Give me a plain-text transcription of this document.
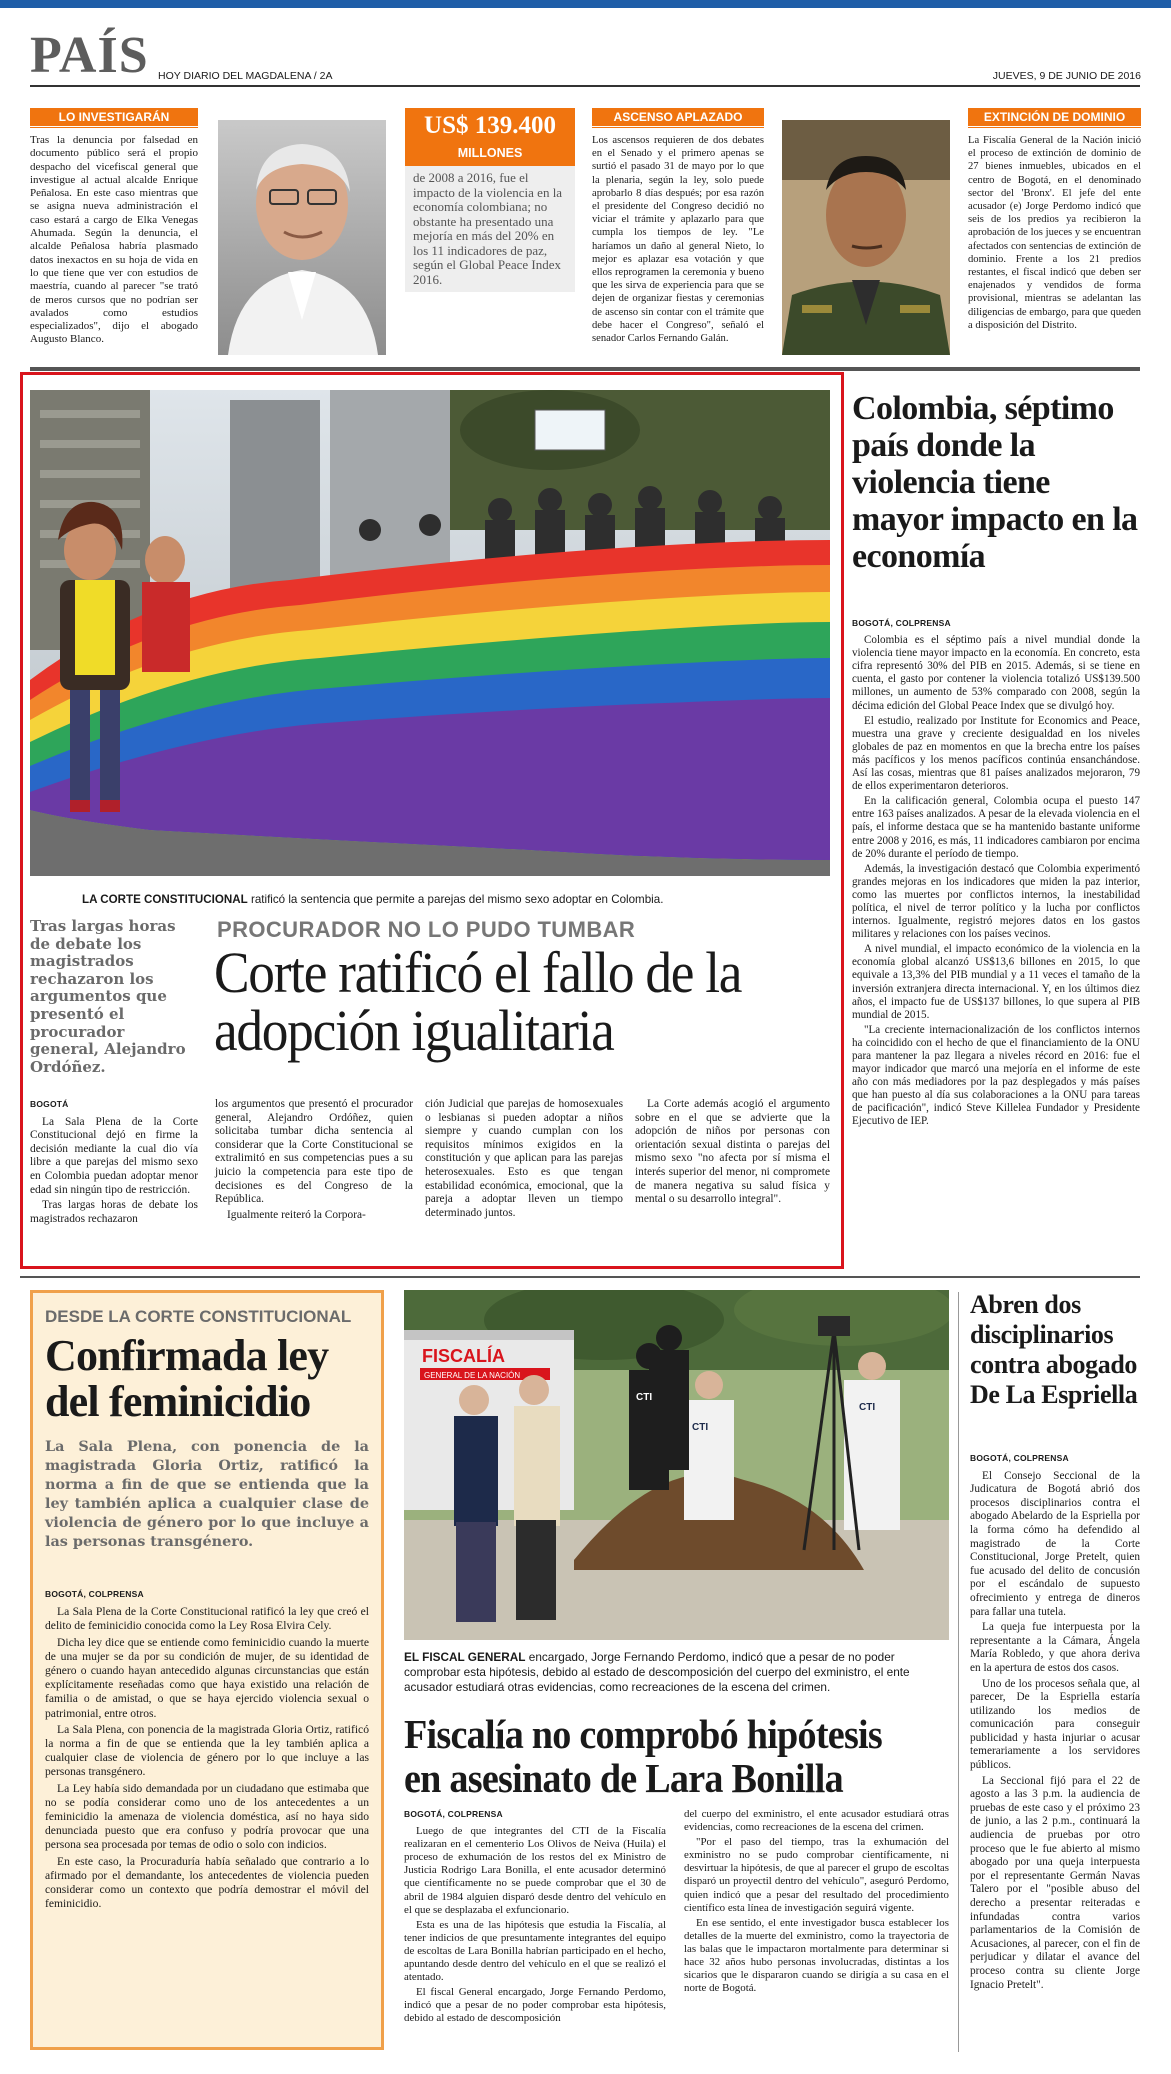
PAÍS HOY DIARIO DEL MAGDALENA / 2A	JUEVES, 9 DE JUNIO DE 2016
LO INVESTIGARÁN
Tras la denuncia por falsedad en documento público será el propio despacho del vicefiscal general que investigue al actual alcalde Enrique Peñalosa. En este caso mientras que se asigna nueva administración el caso estará a cargo de Elka Venegas Ahumada. Según la denuncia, el alcalde Peñalosa habría plasmado datos inexactos en su hoja de vida en lo que tiene que ver con estudios de maestría, cuando al parecer "se trató de meros cursos que no podrían ser avalados como estudios especializados", dijo el abogado Augusto Blanco.
US$ 139.400
MILLONES
de 2008 a 2016, fue el impacto de la violencia en la economía colombiana; no obstante ha presentado una mejoría en más del 20% en los 11 indicadores de paz, según el Global Peace Index 2016.
ASCENSO APLAZADO
Los ascensos requieren de dos debates en el Senado y el primero apenas se surtió el pasado 31 de mayo por lo que la plenaria, según la ley, solo puede aprobarlo 8 días después; por esa razón el presidente del Congreso decidió no viciar el trámite y aplazarlo para que cumpla los tiempos de ley. "Le haríamos un daño al general Nieto, lo mejor es aplazar esa votación y que ellos reprogramen la ceremonia y bueno que les sirva de experiencia para que se dejen de organizar fiestas y ceremonias de ascenso sin contar con el trámite que debe hacer el Congreso", señaló el senador Carlos Fernando Galán.
EXTINCIÓN DE DOMINIO
La Fiscalía General de la Nación inició el proceso de extinción de dominio de 27 bienes inmuebles, ubicados en el centro de Bogotá, en el denominado sector del 'Bronx'. El jefe del ente acusador (e) Jorge Perdomo indicó que seis de los predios ya recibieron la aprobación de los jueces y se encuentran afectados con sentencias de extinción de dominio. Frente a los 21 predios restantes, el fiscal indicó que deben ser enajenados y vendidos de forma provisional, mientras se adelantan las diligencias de embargo, para que queden a disposición del Distrito.
LA CORTE CONSTITUCIONAL ratificó la sentencia que permite a parejas del mismo sexo adoptar en Colombia.
Tras largas horas de debate los magistrados rechazaron los argumentos que presentó el procurador general, Alejandro Ordóñez.
PROCURADOR NO LO PUDO TUMBAR
Corte ratificó el fallo de la adopción igualitaria
BOGOTÁ

La Sala Plena de la Corte Constitucional dejó en firme la decisión mediante la cual dio vía libre a que parejas del mismo sexo en Colombia puedan adoptar menor edad sin ningún tipo de restricción.

Tras largas horas de debate los magistrados rechazaron

los argumentos que presentó el procurador general, Alejandro Ordóñez, quien solicitaba tumbar dicha sentencia al considerar que la Corte Constitucional se extralimitó en sus competencias pues a su juicio la competencia para este tipo de decisiones es del Congreso de la República.

Igualmente reiteró la Corpora-

ción Judicial que parejas de homosexuales o lesbianas si pueden adoptar a niños siempre y cuando cumplan con los requisitos mínimos exigidos en la constitución y que aplican para las parejas heterosexuales. Esto es que tengan estabilidad económica, emocional, que la pareja a adoptar lleven un tiempo determinado juntos.

La Corte además acogió el argumento sobre en el que se advierte que la adopción de niños por personas con orientación sexual distinta o parejas del mismo sexo "no afecta por sí misma el interés superior del menor, ni compromete de manera negativa su salud física y mental o su desarrollo integral".

Colombia, séptimo país donde la violencia tiene mayor impacto en la economía
BOGOTÁ, COLPRENSA

Colombia es el séptimo país a nivel mundial donde la violencia tiene mayor impacto en la economía. En concreto, esta cifra representó 30% del PIB en 2015. Además, si se tiene en cuenta, el gasto por contener la violencia totalizó US$139.500 millones, un aumento de 53% comparado con 2008, según la décima edición del Global Peace Index que se divulgó hoy.

El estudio, realizado por Institute for Economics and Peace, muestra una grave y creciente desigualdad en los niveles globales de paz en momentos en que la brecha entre los países más pacíficos y los menos pacíficos continúa ensanchándose. Así las cosas, mientras que 81 países analizados mejoraron, 79 de ellos experimentaron deterioros.

En la calificación general, Colombia ocupa el puesto 147 entre 163 países analizados. A pesar de la elevada violencia en el país, el informe destaca que se ha mantenido bastante uniforme entre 2008 y 2016, es más, 11 indicadores cambiaron por encima de 20% durante el período de tiempo.

Además, la investigación destacó que Colombia experimentó grandes mejoras en los indicadores que miden la paz interior, como las muertes por conflictos internos, la inestabilidad política, el nivel de terror político y la lucha por conflictos internos. Igualmente, registró mejores datos en los gastos militares y relaciones con los países vecinos.

A nivel mundial, el impacto económico de la violencia en la economía global alcanzó US$13,6 billones en 2015, lo que equivale a 13,3% del PIB mundial y a 11 veces el tamaño de la inversión extranjera directa internacional. Y, en los últimos diez años, el impacto fue de US$137 billones, lo que supera al PIB mundial de 2015.

"La creciente internacionalización de los conflictos internos ha coincidido con el hecho de que el financiamiento de la ONU para mantener la paz llegara a niveles récord en 2016: fue el mayor indicador que marcó una mejoría en el informe de este año con más mediadores por la paz desplegados y más países que han puesto al día sus colaboraciones a la ONU para tareas de pacificación", indicó Steve Killelea Fundador y Presidente Ejecutivo de IEP.

DESDE LA CORTE CONSTITUCIONAL
Confirmada ley del feminicidio
La Sala Plena, con ponencia de la magistrada Gloria Ortiz, ratificó la norma a fin de que se entienda que la ley también aplica a cualquier clase de violencia de género por lo que incluye a las personas transgénero.
BOGOTÁ, COLPRENSA

La Sala Plena de la Corte Constitucional ratificó la ley que creó el delito de feminicidio conocida como la Ley Rosa Elvira Cely.

Dicha ley dice que se entiende como feminicidio cuando la muerte de una mujer se da por su condición de mujer, de su identidad de género o cuando hayan antecedido algunas circunstancias que están explícitamente reseñadas como que haya existido una relación de familia o de amistad, o que se haya ejercido violencia sexual o patrimonial, entre otros.

La Sala Plena, con ponencia de la magistrada Gloria Ortiz, ratificó la norma a fin de que se entienda que la ley también aplica a cualquier clase de violencia de género por lo que incluye a las personas transgénero.

La Ley había sido demandada por un ciudadano que estimaba que no se podía considerar como uno de los antecedentes a un feminicidio la amenaza de violencia doméstica, así no haya sido denunciada puesto que era confuso y podría provocar que una persona sea procesada por temas de odio o solo con indicios.

En este caso, la Procuraduría había señalado que contrario a lo afirmado por el demandante, los antecedentes de violencia pueden considerar como un contexto que podría demostrar el móvil del feminicidio.

FISCALÍA
GENERAL DE LA NACIÓN
CTI
CTI
CTI
EL FISCAL GENERAL encargado, Jorge Fernando Perdomo, indicó que a pesar de no poder comprobar esta hipótesis, debido al estado de descomposición del cuerpo del exministro, el ente acusador estudiará otras evidencias, como recreaciones de la escena del crimen.
Fiscalía no comprobó hipótesis en asesinato de Lara Bonilla
BOGOTÁ, COLPRENSA

Luego de que integrantes del CTI de la Fiscalía realizaran en el cementerio Los Olivos de Neiva (Huila) el proceso de exhumación de los restos del ex Ministro de Justicia Rodrigo Lara Bonilla, el ente acusador determinó que científicamente no se puede comprobar que el 30 de abril de 1984 alguien disparó desde dentro del vehículo en el que se desplazaba el exfuncionario.

Esta es una de las hipótesis que estudia la Fiscalía, al tener indicios de que presuntamente integrantes del equipo de escoltas de Lara Bonilla habrían participado en el hecho, apuntando desde dentro del vehículo en el que se realizó el atentado.

El fiscal General encargado, Jorge Fernando Perdomo, indicó que a pesar de no poder comprobar esta hipótesis, debido al estado de descomposición

del cuerpo del exministro, el ente acusador estudiará otras evidencias, como recreaciones de la escena del crimen.

"Por el paso del tiempo, tras la exhumación del exministro no se pudo comprobar científicamente, ni desvirtuar la hipótesis, de que al parecer el grupo de escoltas disparó un proyectil dentro del vehículo", aseguró Perdomo, quien indicó que a pesar del resultado del procedimiento científico esta línea de investigación seguirá vigente.

En ese sentido, el ente investigador busca establecer los detalles de la muerte del exministro, como la trayectoria de las balas que le impactaron mortalmente para determinar si hace 32 años hubo personas involucradas, distintas a los sicarios que le dispararon cuando se dirigía a su casa en el norte de Bogotá.

Abren dos disciplinarios contra abogado De La Espriella
BOGOTÁ, COLPRENSA

El Consejo Seccional de la Judicatura de Bogotá abrió dos procesos disciplinarios contra el abogado Abelardo de la Espriella por la forma cómo ha defendido al magistrado de la Corte Constitucional, Jorge Pretelt, quien fue acusado del delito de concusión por el escándalo de supuesto ofrecimiento y entrega de dineros para fallar una tutela.

La queja fue interpuesta por la representante a la Cámara, Ángela María Robledo, y que ahora deriva en la apertura de estos dos casos.

Uno de los procesos señala que, al parecer, De la Espriella estaría utilizando los medios de comunicación para conseguir publicidad y hasta injuriar o acusar temerariamente a los servidores públicos.

La Seccional fijó para el 22 de agosto a las 3 p.m. la audiencia de pruebas de este caso y el próximo 23 de junio, a las 2 p.m., continuará la audiencia de pruebas por otro proceso que le fue abierto al mismo abogado por una queja interpuesta por el representante Germán Navas Talero por el "posible abuso del derecho a presentar reiteradas e infundadas contra varios parlamentarios de la Comisión de Acusaciones, al parecer, con el fin de perjudicar y dilatar el avance del proceso contra su cliente Jorge Ignacio Pretelt".
